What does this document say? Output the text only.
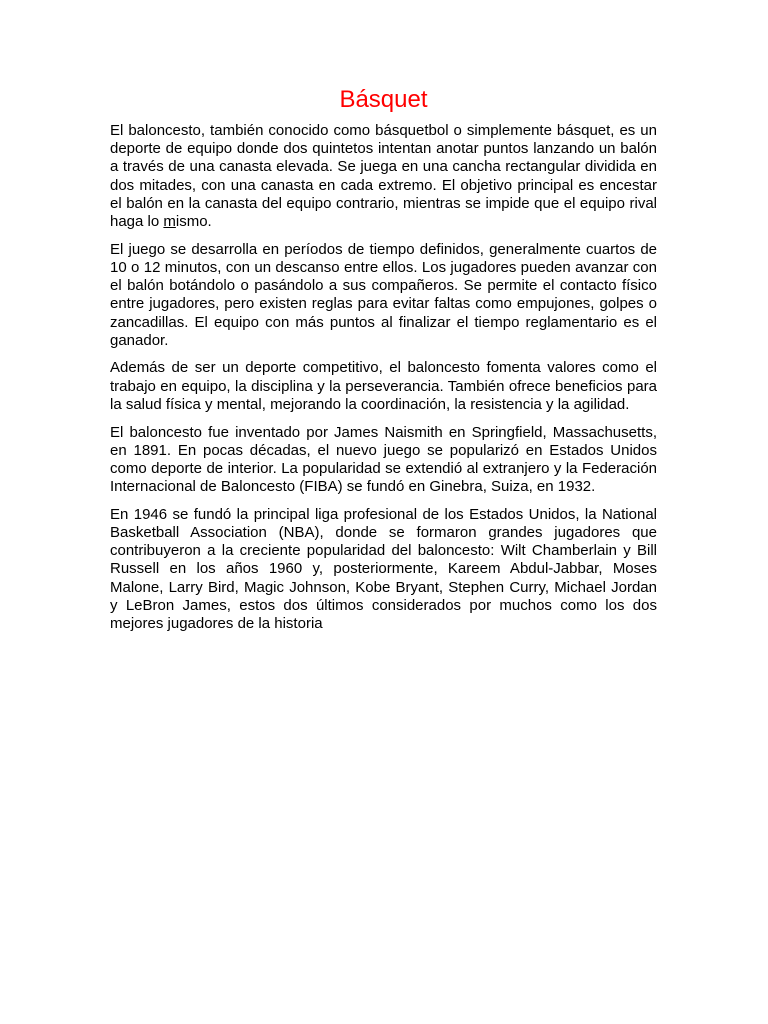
Básquet

El baloncesto, también conocido como básquetbol o simplemente básquet, es un deporte de equipo donde dos quintetos intentan anotar puntos lanzando un balón a través de una canasta elevada. Se juega en una cancha rectangular dividida en dos mitades, con una canasta en cada extremo. El objetivo principal es encestar el balón en la canasta del equipo contrario, mientras se impide que el equipo rival haga lo mismo.

El juego se desarrolla en períodos de tiempo definidos, generalmente cuartos de 10 o 12 minutos, con un descanso entre ellos. Los jugadores pueden avanzar con el balón botándolo o pasándolo a sus compañeros. Se permite el contacto físico entre jugadores, pero existen reglas para evitar faltas como empujones, golpes o zancadillas. El equipo con más puntos al finalizar el tiempo reglamentario es el ganador.

Además de ser un deporte competitivo, el baloncesto fomenta valores como el trabajo en equipo, la disciplina y la perseverancia. También ofrece beneficios para la salud física y mental, mejorando la coordinación, la resistencia y la agilidad.

El baloncesto fue inventado por James Naismith en Springfield, Massachusetts, en 1891. En pocas décadas, el nuevo juego se popularizó en Estados Unidos como deporte de interior. La popularidad se extendió al extranjero y la Federación Internacional de Baloncesto (FIBA) se fundó en Ginebra, Suiza, en 1932.

En 1946 se fundó la principal liga profesional de los Estados Unidos, la National Basketball Association (NBA), donde se formaron grandes jugadores que contribuyeron a la creciente popularidad del baloncesto: Wilt Chamberlain y Bill Russell en los años 1960 y, posteriormente, Kareem Abdul-Jabbar, Moses Malone, Larry Bird, Magic Johnson, Kobe Bryant, Stephen Curry, Michael Jordan y LeBron James, estos dos últimos considerados por muchos como los dos mejores jugadores de la historia
